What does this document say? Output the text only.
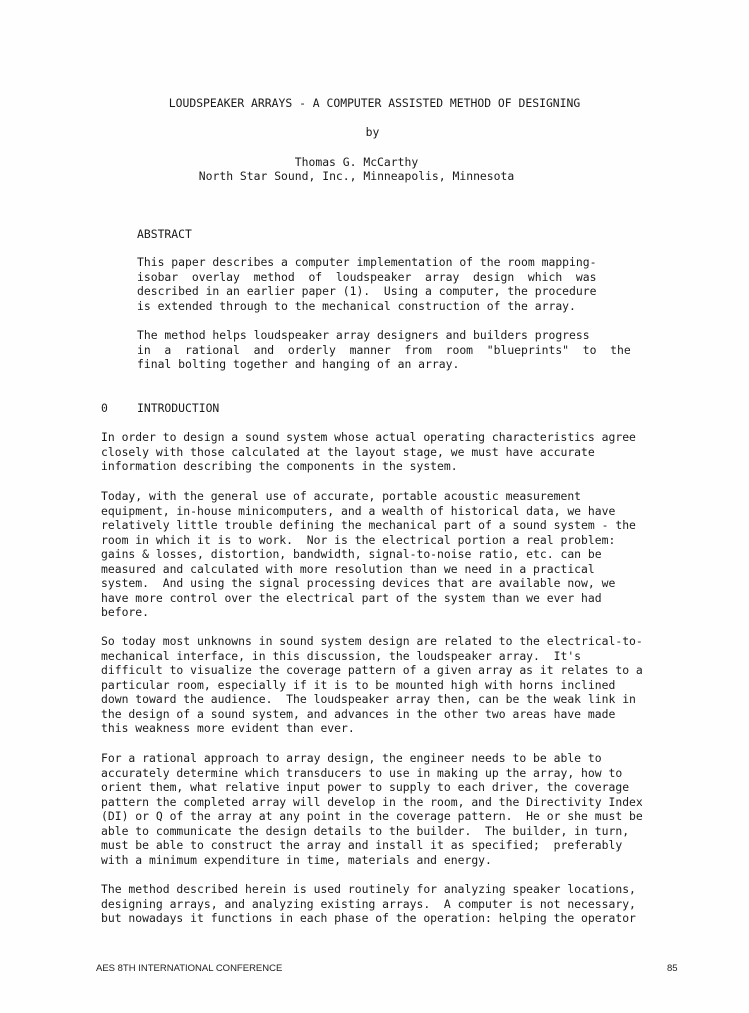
LOUDSPEAKER ARRAYS - A COMPUTER ASSISTED METHOD OF DESIGNING
by
Thomas G. McCarthy
North Star Sound, Inc., Minneapolis, Minnesota
ABSTRACT
This paper describes a computer implementation of the room mapping-
isobar  overlay  method  of  loudspeaker  array  design  which  was
described in an earlier paper (1).  Using a computer, the procedure
is extended through to the mechanical construction of the array.
The method helps loudspeaker array designers and builders progress
in  a  rational  and  orderly  manner  from  room  "blueprints"  to  the
final bolting together and hanging of an array.
0	INTRODUCTION
In order to design a sound system whose actual operating characteristics agree
closely with those calculated at the layout stage, we must have accurate
information describing the components in the system.
Today, with the general use of accurate, portable acoustic measurement
equipment, in-house minicomputers, and a wealth of historical data, we have
relatively little trouble defining the mechanical part of a sound system - the
room in which it is to work.  Nor is the electrical portion a real problem:
gains & losses, distortion, bandwidth, signal-to-noise ratio, etc. can be
measured and calculated with more resolution than we need in a practical
system.  And using the signal processing devices that are available now, we
have more control over the electrical part of the system than we ever had
before.
So today most unknowns in sound system design are related to the electrical-to-
mechanical interface, in this discussion, the loudspeaker array.  It's
difficult to visualize the coverage pattern of a given array as it relates to a
particular room, especially if it is to be mounted high with horns inclined
down toward the audience.  The loudspeaker array then, can be the weak link in
the design of a sound system, and advances in the other two areas have made
this weakness more evident than ever.
For a rational approach to array design, the engineer needs to be able to
accurately determine which transducers to use in making up the array, how to
orient them, what relative input power to supply to each driver, the coverage
pattern the completed array will develop in the room, and the Directivity Index
(DI) or Q of the array at any point in the coverage pattern.  He or she must be
able to communicate the design details to the builder.  The builder, in turn,
must be able to construct the array and install it as specified;  preferably
with a minimum expenditure in time, materials and energy.
The method described herein is used routinely for analyzing speaker locations,
designing arrays, and analyzing existing arrays.  A computer is not necessary,
but nowadays it functions in each phase of the operation: helping the operator
AES 8TH INTERNATIONAL CONFERENCE	85
